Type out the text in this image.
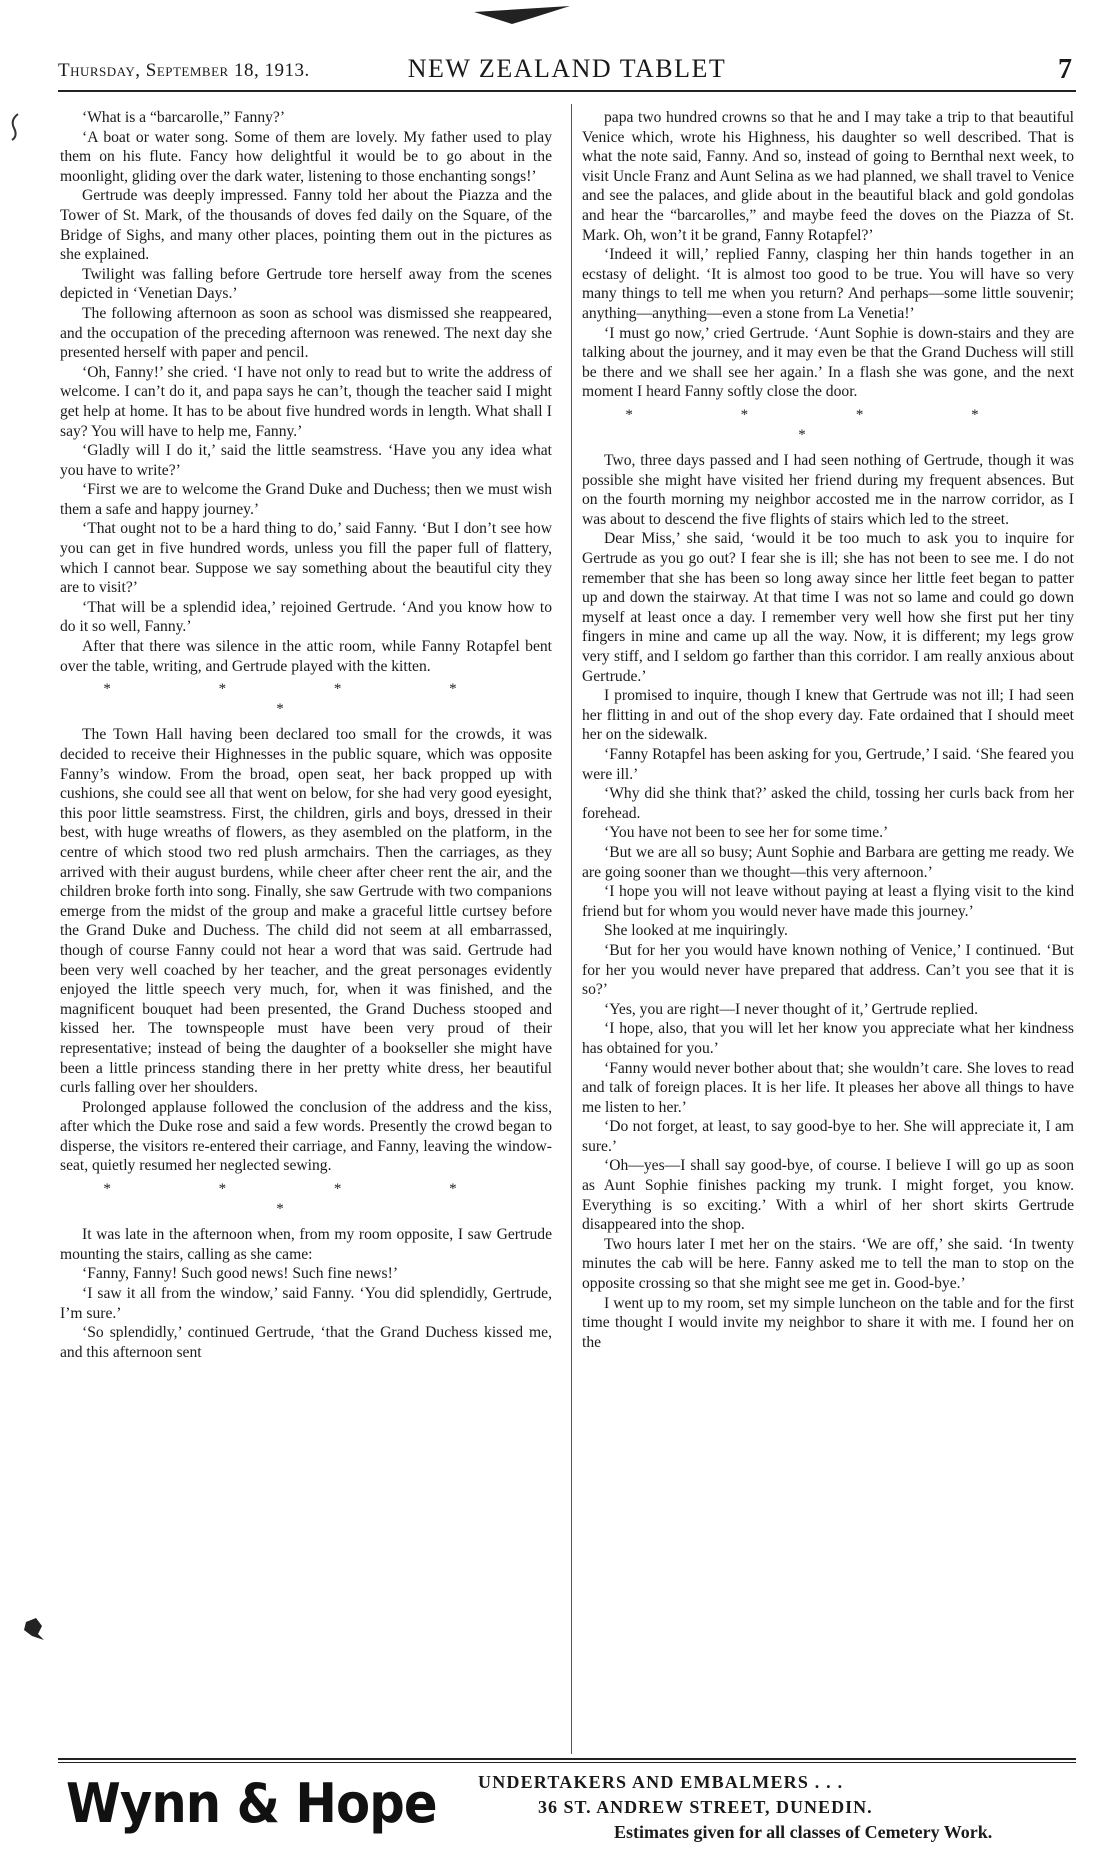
Thursday, September 18, 1913.	NEW ZEALAND TABLET	7

‘What is a “barcarolle,” Fanny?’

‘A boat or water song. Some of them are lovely. My father used to play them on his flute. Fancy how delightful it would be to go about in the moonlight, gliding over the dark water, listening to those enchanting songs!’

Gertrude was deeply impressed. Fanny told her about the Piazza and the Tower of St. Mark, of the thousands of doves fed daily on the Square, of the Bridge of Sighs, and many other places, pointing them out in the pictures as she explained.

Twilight was falling before Gertrude tore herself away from the scenes depicted in ‘Venetian Days.’

The following afternoon as soon as school was dismissed she reappeared, and the occupation of the preceding afternoon was renewed. The next day she presented herself with paper and pencil.

‘Oh, Fanny!’ she cried. ‘I have not only to read but to write the address of welcome. I can’t do it, and papa says he can’t, though the teacher said I might get help at home. It has to be about five hundred words in length. What shall I say? You will have to help me, Fanny.’

‘Gladly will I do it,’ said the little seamstress. ‘Have you any idea what you have to write?’

‘First we are to welcome the Grand Duke and Duchess; then we must wish them a safe and happy journey.’

‘That ought not to be a hard thing to do,’ said Fanny. ‘But I don’t see how you can get in five hundred words, unless you fill the paper full of flattery, which I cannot bear. Suppose we say something about the beautiful city they are to visit?’

‘That will be a splendid idea,’ rejoined Gertrude. ‘And you know how to do it so well, Fanny.’

After that there was silence in the attic room, while Fanny Rotapfel bent over the table, writing, and Gertrude played with the kitten.

* * * * *

The Town Hall having been declared too small for the crowds, it was decided to receive their Highnesses in the public square, which was opposite Fanny’s window. From the broad, open seat, her back propped up with cushions, she could see all that went on below, for she had very good eyesight, this poor little seamstress. First, the children, girls and boys, dressed in their best, with huge wreaths of flowers, as they asembled on the platform, in the centre of which stood two red plush armchairs. Then the carriages, as they arrived with their august burdens, while cheer after cheer rent the air, and the children broke forth into song. Finally, she saw Gertrude with two companions emerge from the midst of the group and make a graceful little curtsey before the Grand Duke and Duchess. The child did not seem at all embarrassed, though of course Fanny could not hear a word that was said. Gertrude had been very well coached by her teacher, and the great personages evidently enjoyed the little speech very much, for, when it was finished, and the magnificent bouquet had been presented, the Grand Duchess stooped and kissed her. The townspeople must have been very proud of their representative; instead of being the daughter of a bookseller she might have been a little princess standing there in her pretty white dress, her beautiful curls falling over her shoulders.

Prolonged applause followed the conclusion of the address and the kiss, after which the Duke rose and said a few words. Presently the crowd began to disperse, the visitors re-entered their carriage, and Fanny, leaving the window-seat, quietly resumed her neglected sewing.

* * * * *

It was late in the afternoon when, from my room opposite, I saw Gertrude mounting the stairs, calling as she came:

‘Fanny, Fanny! Such good news! Such fine news!’

‘I saw it all from the window,’ said Fanny. ‘You did splendidly, Gertrude, I’m sure.’

‘So splendidly,’ continued Gertrude, ‘that the Grand Duchess kissed me, and this afternoon sent

papa two hundred crowns so that he and I may take a trip to that beautiful Venice which, wrote his Highness, his daughter so well described. That is what the note said, Fanny. And so, instead of going to Bernthal next week, to visit Uncle Franz and Aunt Selina as we had planned, we shall travel to Venice and see the palaces, and glide about in the beautiful black and gold gondolas and hear the “barcarolles,” and maybe feed the doves on the Piazza of St. Mark. Oh, won’t it be grand, Fanny Rotapfel?’

‘Indeed it will,’ replied Fanny, clasping her thin hands together in an ecstasy of delight. ‘It is almost too good to be true. You will have so very many things to tell me when you return? And perhaps—some little souvenir; anything—anything—even a stone from La Venetia!’

‘I must go now,’ cried Gertrude. ‘Aunt Sophie is down-stairs and they are talking about the journey, and it may even be that the Grand Duchess will still be there and we shall see her again.’ In a flash she was gone, and the next moment I heard Fanny softly close the door.

* * * * *

Two, three days passed and I had seen nothing of Gertrude, though it was possible she might have visited her friend during my frequent absences. But on the fourth morning my neighbor accosted me in the narrow corridor, as I was about to descend the five flights of stairs which led to the street.

Dear Miss,’ she said, ‘would it be too much to ask you to inquire for Gertrude as you go out? I fear she is ill; she has not been to see me. I do not remember that she has been so long away since her little feet began to patter up and down the stairway. At that time I was not so lame and could go down myself at least once a day. I remember very well how she first put her tiny fingers in mine and came up all the way. Now, it is different; my legs grow very stiff, and I seldom go farther than this corridor. I am really anxious about Gertrude.’

I promised to inquire, though I knew that Gertrude was not ill; I had seen her flitting in and out of the shop every day. Fate ordained that I should meet her on the sidewalk.

‘Fanny Rotapfel has been asking for you, Gertrude,’ I said. ‘She feared you were ill.’

‘Why did she think that?’ asked the child, tossing her curls back from her forehead.

‘You have not been to see her for some time.’

‘But we are all so busy; Aunt Sophie and Barbara are getting me ready. We are going sooner than we thought—this very afternoon.’

‘I hope you will not leave without paying at least a flying visit to the kind friend but for whom you would never have made this journey.’

She looked at me inquiringly.

‘But for her you would have known nothing of Venice,’ I continued. ‘But for her you would never have prepared that address. Can’t you see that it is so?’

‘Yes, you are right—I never thought of it,’ Gertrude replied.

‘I hope, also, that you will let her know you appreciate what her kindness has obtained for you.’

‘Fanny would never bother about that; she wouldn’t care. She loves to read and talk of foreign places. It is her life. It pleases her above all things to have me listen to her.’

‘Do not forget, at least, to say good-bye to her. She will appreciate it, I am sure.’

‘Oh—yes—I shall say good-bye, of course. I believe I will go up as soon as Aunt Sophie finishes packing my trunk. I might forget, you know. Everything is so exciting.’ With a whirl of her short skirts Gertrude disappeared into the shop.

Two hours later I met her on the stairs. ‘We are off,’ she said. ‘In twenty minutes the cab will be here. Fanny asked me to tell the man to stop on the opposite crossing so that she might see me get in. Good-bye.’

I went up to my room, set my simple luncheon on the table and for the first time thought I would invite my neighbor to share it with me. I found her on the

Wynn & Hope UNDERTAKERS AND EMBALMERS . . .
36 ST. ANDREW STREET, DUNEDIN.
Estimates given for all classes of Cemetery Work.
